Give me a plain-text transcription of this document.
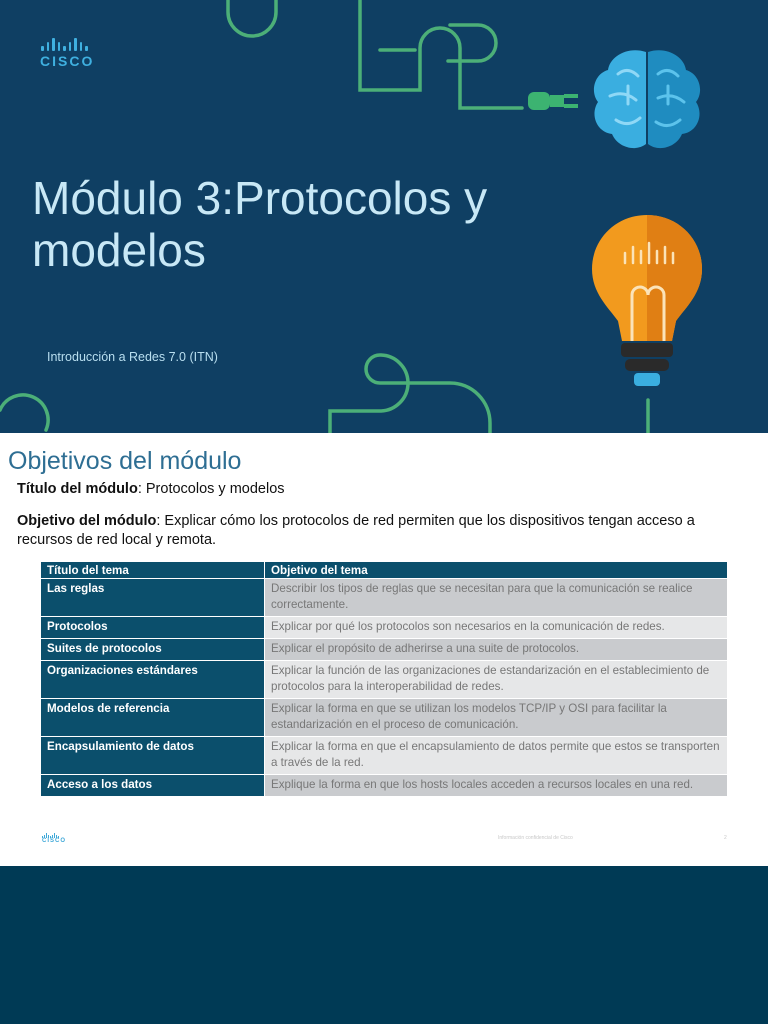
CISCO
Módulo 3:Protocolos y modelos
Introducción a Redes 7.0 (ITN)
Objetivos del módulo
Título del módulo: Protocolos y modelos
Objetivo del módulo: Explicar cómo los protocolos de red permiten que los dispositivos tengan acceso a recursos de red local y remota.
Título del tema	Objetivo del tema
Las reglas	Describir los tipos de reglas que se necesitan para que la comunicación se realice correctamente.
Protocolos	Explicar por qué los protocolos son necesarios en la comunicación de redes.
Suites de protocolos	Explicar el propósito de adherirse a una suite de protocolos.
Organizaciones estándares	Explicar la función de las organizaciones de estandarización en el establecimiento de protocolos para la interoperabilidad de redes.
Modelos de referencia	Explicar la forma en que se utilizan los modelos TCP/IP y OSI para facilitar la estandarización en el proceso de comunicación.
Encapsulamiento de datos	Explicar la forma en que el encapsulamiento de datos permite que estos se transporten a través de la red.
Acceso a los datos	Explique la forma en que los hosts locales acceden a recursos locales en una red.
CISCO	Información confidencial de Cisco	2
